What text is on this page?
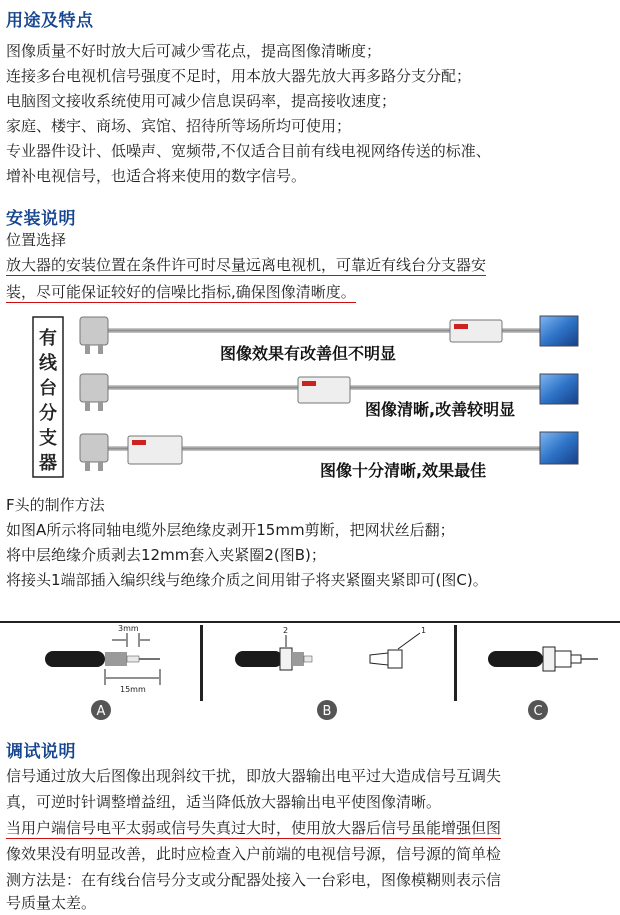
用途及特点
图像质量不好时放大后可减少雪花点，提高图像清晰度；
连接多台电视机信号强度不足时，用本放大器先放大再多路分支分配；
电脑图文接收系统使用可减少信息误码率，提高接收速度；
家庭、楼宇、商场、宾馆、招待所等场所均可使用；
专业器件设计、低噪声、宽频带,不仅适合目前有线电视网络传送的标准、
增补电视信号，也适合将来使用的数字信号。
安装说明
位置选择
放大器的安装位置在条件许可时尽量远离电视机，可靠近有线台分支器安
装，尽可能保证较好的信噪比指标,确保图像清晰度。
有
线
台
分
支
器
图像效果有改善但不明显
图像清晰,改善较明显
图像十分清晰,效果最佳
F头的制作方法
如图A所示将同轴电缆外层绝缘皮剥开15mm剪断，把网状丝后翻；
将中层绝缘介质剥去12mm套入夹紧圈2(图B)；
将接头1端部插入编织线与绝缘介质之间用钳子将夹紧圈夹紧即可(图C)。
3mm
15mm
A
2	1
B	C
调试说明
信号通过放大后图像出现斜纹干扰，即放大器输出电平过大造成信号互调失
真，可逆时针调整增益纽，适当降低放大器输出电平使图像清晰。
当用户端信号电平太弱或信号失真过大时，使用放大器后信号虽能增强但图
像效果没有明显改善，此时应检查入户前端的电视信号源，信号源的简单检
测方法是：在有线台信号分支或分配器处接入一台彩电，图像模糊则表示信
号质量太差。
